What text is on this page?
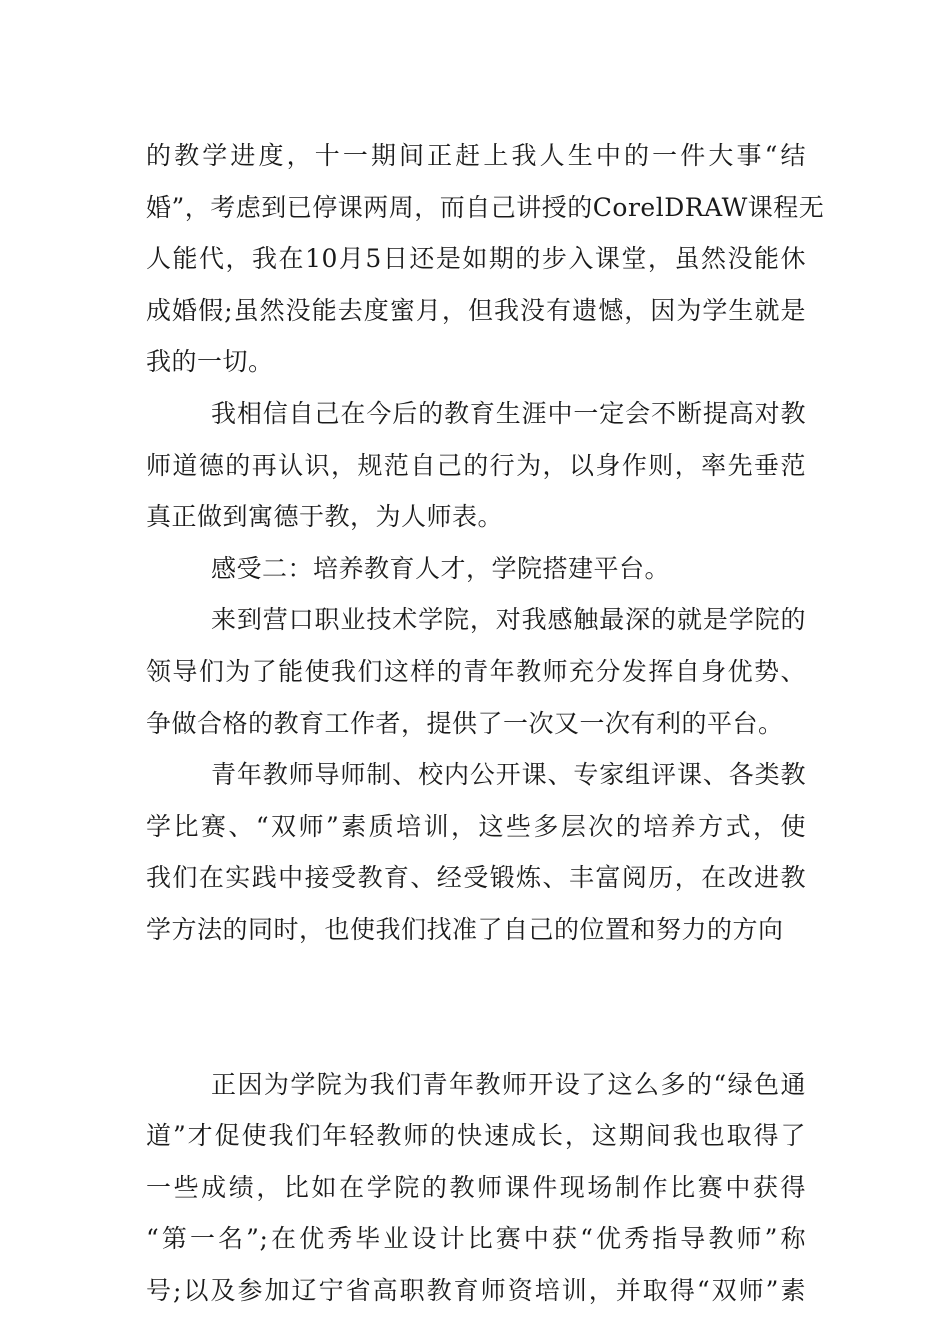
的教学进度，十一期间正赶上我人生中的一件大事“结
婚”，考虑到已停课两周，而自己讲授的CorelDRAW课程无
人能代，我在10月5日还是如期的步入课堂，虽然没能休
成婚假;虽然没能去度蜜月，但我没有遗憾，因为学生就是
我的一切。
我相信自己在今后的教育生涯中一定会不断提高对教
师道德的再认识，规范自己的行为，以身作则，率先垂范
真正做到寓德于教，为人师表。
感受二：培养教育人才，学院搭建平台。
来到营口职业技术学院，对我感触最深的就是学院的
领导们为了能使我们这样的青年教师充分发挥自身优势、
争做合格的教育工作者，提供了一次又一次有利的平台。
青年教师导师制、校内公开课、专家组评课、各类教
学比赛、“双师”素质培训，这些多层次的培养方式，使
我们在实践中接受教育、经受锻炼、丰富阅历，在改进教
学方法的同时，也使我们找准了自己的位置和努力的方向
正因为学院为我们青年教师开设了这么多的“绿色通
道”才促使我们年轻教师的快速成长，这期间我也取得了
一些成绩，比如在学院的教师课件现场制作比赛中获得
“第一名”;在优秀毕业设计比赛中获“优秀指导教师”称
号;以及参加辽宁省高职教育师资培训，并取得“双师”素
